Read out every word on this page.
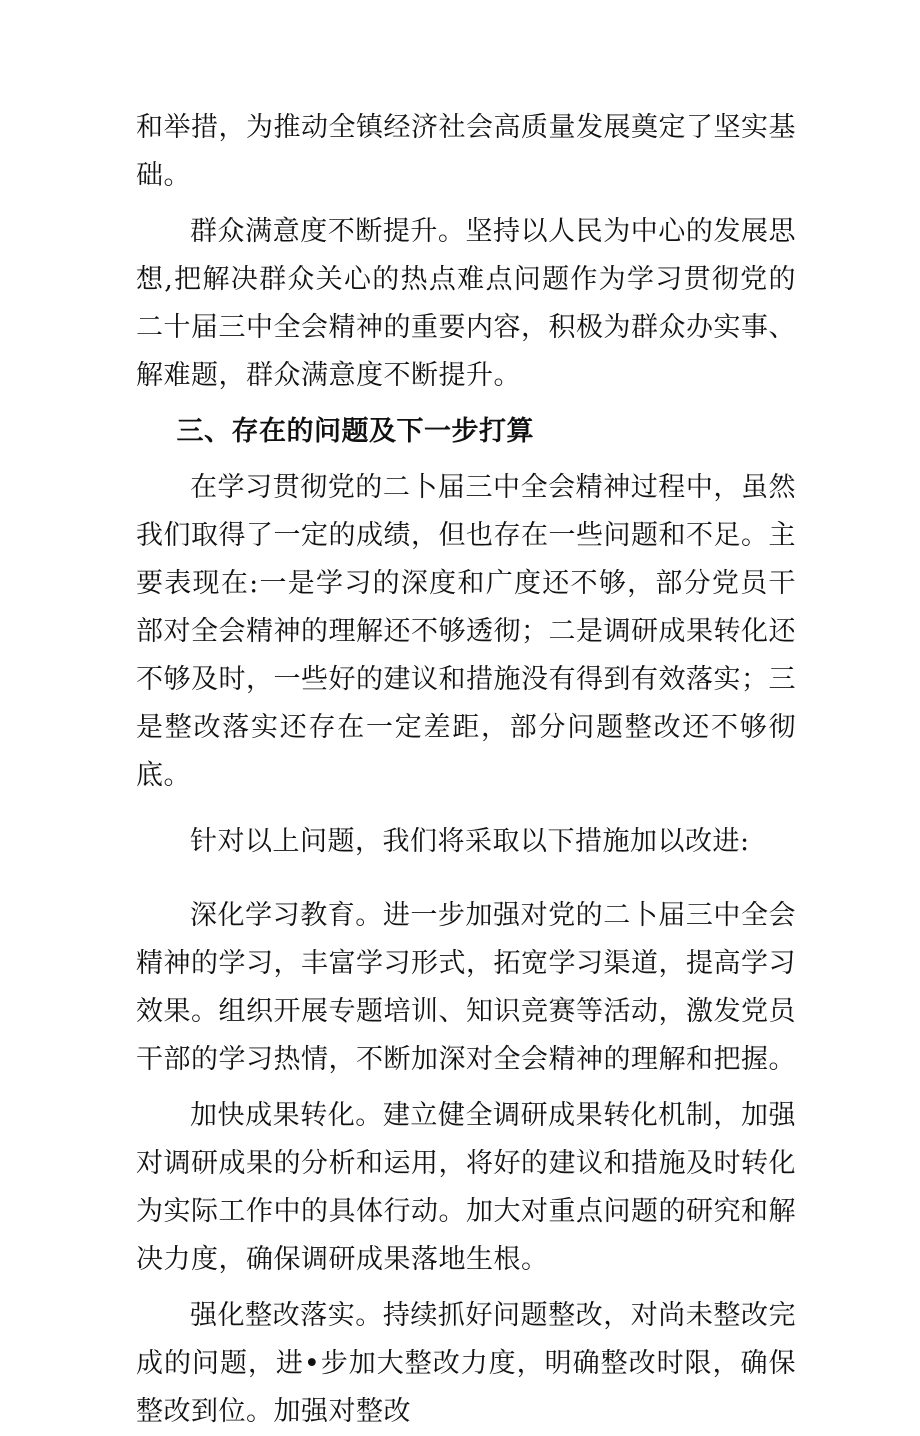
和举措，为推动全镇经济社会高质量发展奠定了坚实基础。

群众满意度不断提升。坚持以人民为中心的发展思想,把解决群众关心的热点难点问题作为学习贯彻党的二十届三中全会精神的重要内容，积极为群众办实事、解难题，群众满意度不断提升。

三、存在的问题及下一步打算

在学习贯彻党的二卜届三中全会精神过程中，虽然我们取得了一定的成绩，但也存在一些问题和不足。主要表现在:一是学习的深度和广度还不够，部分党员干部对全会精神的理解还不够透彻；二是调研成果转化还不够及时，一些好的建议和措施没有得到有效落实；三是整改落实还存在一定差距，部分问题整改还不够彻底。

针对以上问题，我们将采取以下措施加以改进:

深化学习教育。进一步加强对党的二卜届三中全会精神的学习，丰富学习形式，拓宽学习渠道，提高学习效果。组织开展专题培训、知识竞赛等活动，激发党员干部的学习热情，不断加深对全会精神的理解和把握。

加快成果转化。建立健全调研成果转化机制，加强对调研成果的分析和运用，将好的建议和措施及时转化为实际工作中的具体行动。加大对重点问题的研究和解决力度，确保调研成果落地生根。

强化整改落实。持续抓好问题整改，对尚未整改完成的问题，进•步加大整改力度，明确整改时限，确保整改到位。加强对整改
